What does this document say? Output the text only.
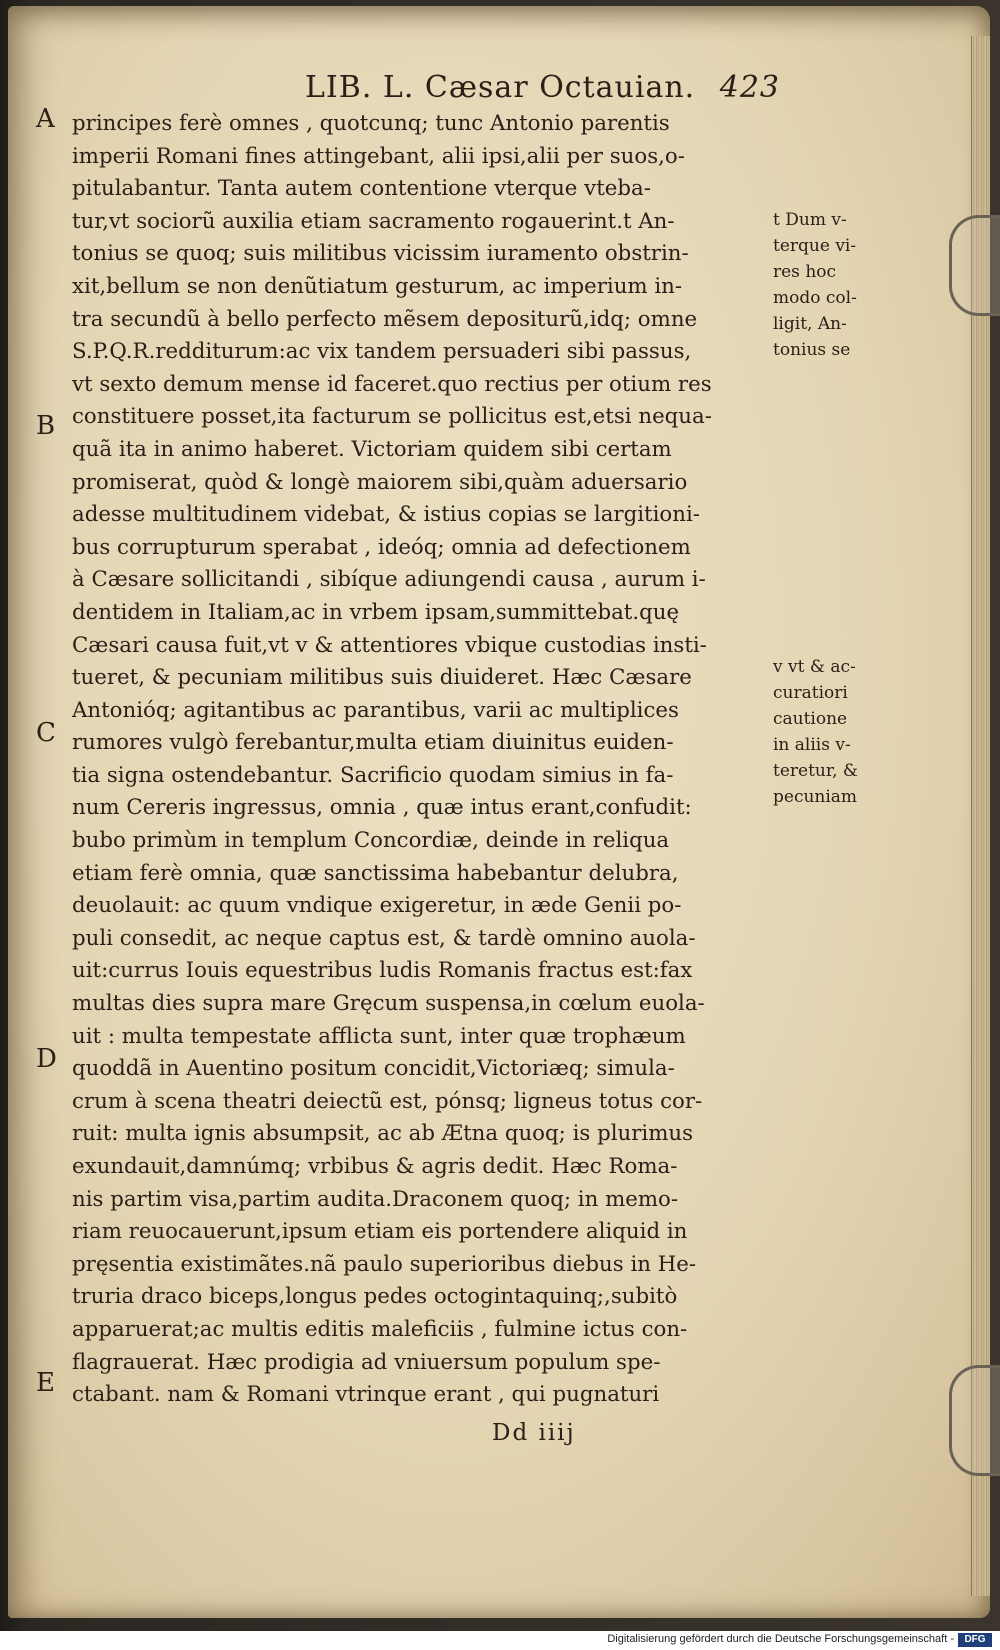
LIB. L. Cæsar Octauian. 423
A
B
C
D
E
principes ferè omnes , quotcunq; tunc Antonio parentis
imperii Romani fines attingebant, alii ipsi,alii per suos,o-
pitulabantur. Tanta autem contentione vterque vteba-
tur,vt sociorũ auxilia etiam sacramento rogauerint.t An-
tonius se quoq; suis militibus vicissim iuramento obstrin-
xit,bellum se non denũtiatum gesturum, ac imperium in-
tra secundũ à bello perfecto mẽsem depositurũ,idq; omne
S.P.Q.R.redditurum:ac vix tandem persuaderi sibi passus,
vt sexto demum mense id faceret.quo rectius per otium res
constituere posset,ita facturum se pollicitus est,etsi nequa-
quã ita in animo haberet. Victoriam quidem sibi certam
promiserat, quòd & longè maiorem sibi,quàm aduersario
adesse multitudinem videbat, & istius copias se largitioni-
bus corrupturum sperabat , ideóq; omnia ad defectionem
à Cæsare sollicitandi , sibíque adiungendi causa , aurum i-
dentidem in Italiam,ac in vrbem ipsam,summittebat.quę
Cæsari causa fuit,vt v & attentiores vbique custodias insti-
tueret, & pecuniam militibus suis diuideret. Hæc Cæsare
Antonióq; agitantibus ac parantibus, varii ac multiplices
rumores vulgò ferebantur,multa etiam diuinitus euiden-
tia signa ostendebantur. Sacrificio quodam simius in fa-
num Cereris ingressus, omnia , quæ intus erant,confudit:
bubo primùm in templum Concordiæ, deinde in reliqua
etiam ferè omnia, quæ sanctissima habebantur delubra,
deuolauit: ac quum vndique exigeretur, in æde Genii po-
puli consedit, ac neque captus est, & tardè omnino auola-
uit:currus Iouis equestribus ludis Romanis fractus est:fax
multas dies supra mare Gręcum suspensa,in cœlum euola-
uit : multa tempestate afflicta sunt, inter quæ trophæum
quoddã in Auentino positum concidit,Victoriæq; simula-
crum à scena theatri deiectũ est, pónsq; ligneus totus cor-
ruit: multa ignis absumpsit, ac ab Ætna quoq; is plurimus
exundauit,damnúmq; vrbibus & agris dedit. Hæc Roma-
nis partim visa,partim audita.Draconem quoq; in memo-
riam reuocauerunt,ipsum etiam eis portendere aliquid in
pręsentia existimãtes.nã paulo superioribus diebus in He-
truria draco biceps,longus pedes octogintaquinq;,subitò
apparuerat;ac multis editis maleficiis , fulmine ictus con-
flagrauerat. Hæc prodigia ad vniuersum populum spe-
ctabant. nam & Romani vtrinque erant , qui pugnaturi
t Dum v-
terque vi-
res hoc
modo col-
ligit, An-
tonius se
v vt & ac-
curatiori
cautione
in aliis v-
teretur, &
pecuniam
Dd iiij
Digitalisierung gefördert durch die Deutsche Forschungsgemeinschaft -	DFG
